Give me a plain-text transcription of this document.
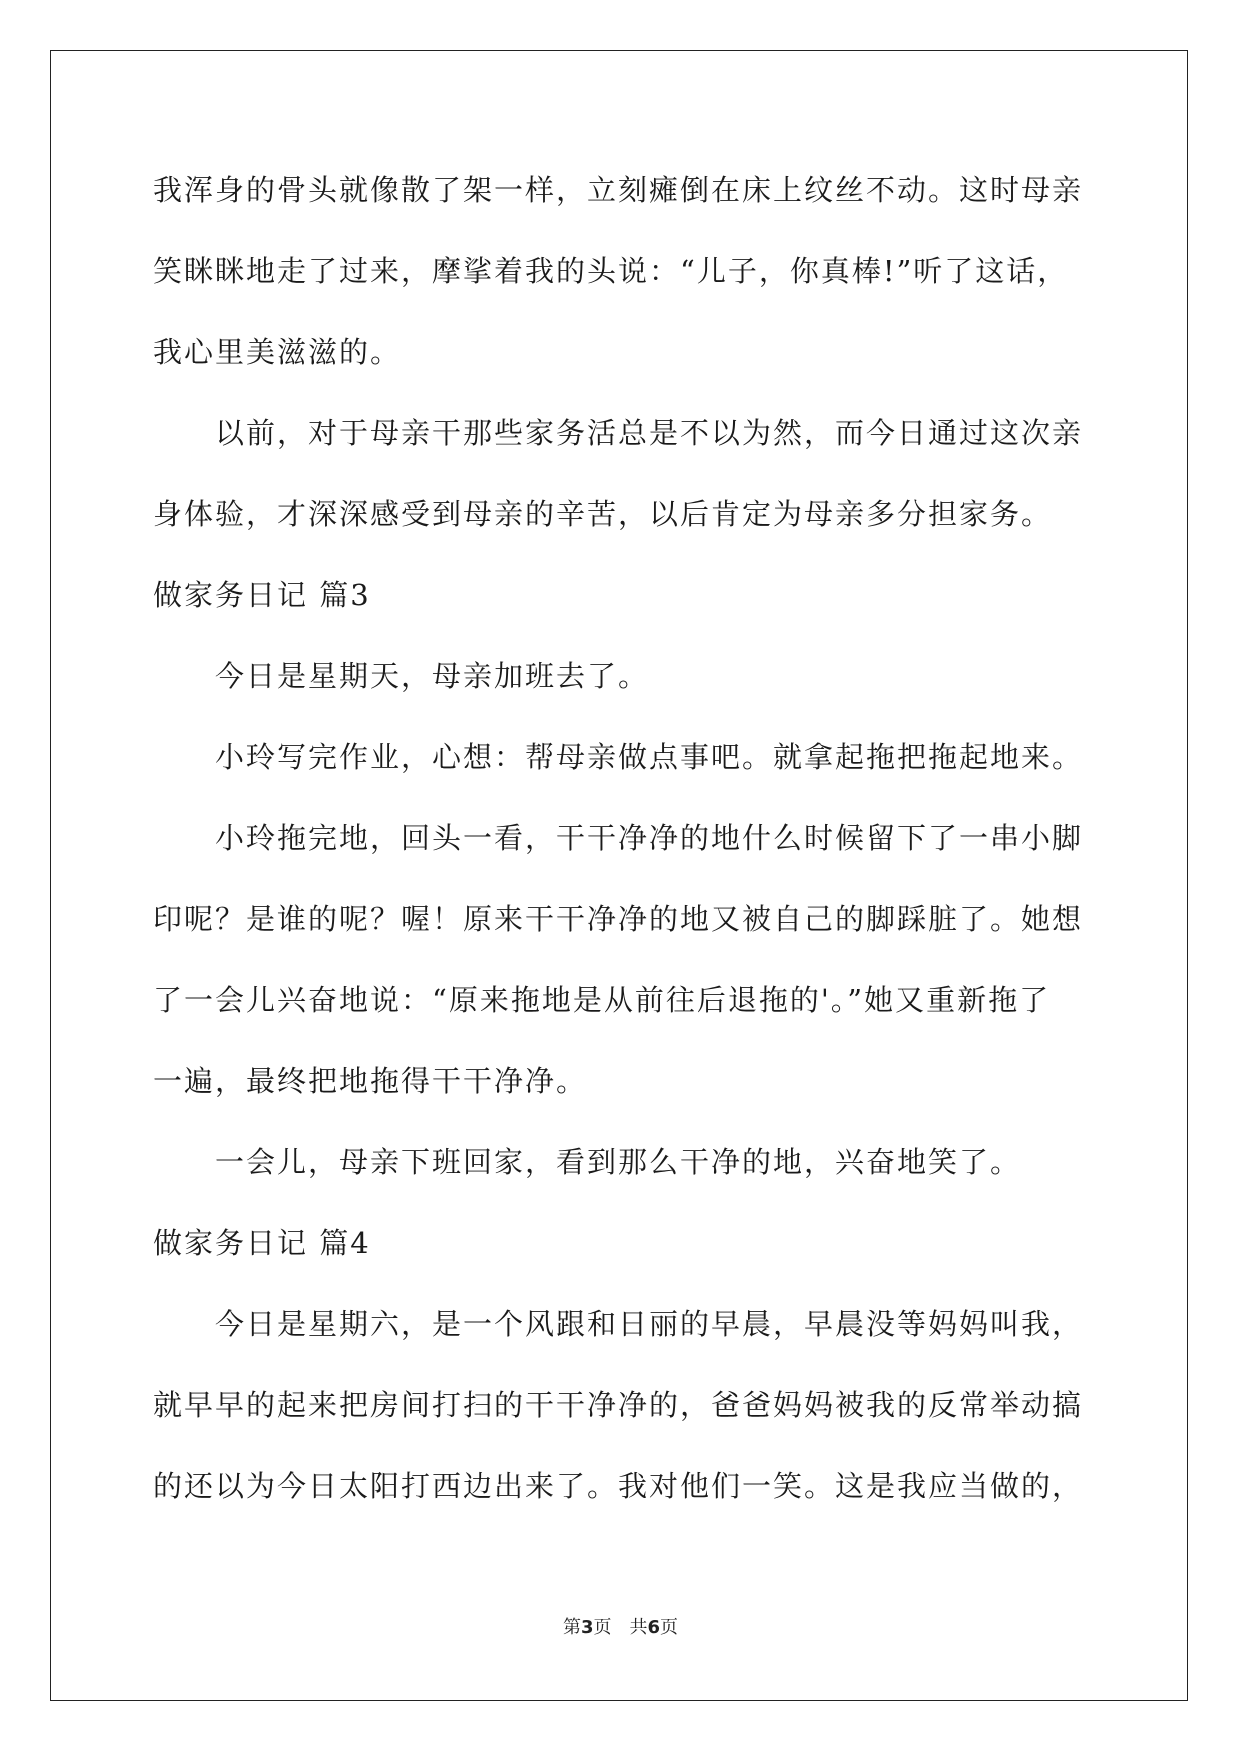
我浑身的骨头就像散了架一样，立刻瘫倒在床上纹丝不动。这时母亲

笑眯眯地走了过来，摩挲着我的头说：“儿子，你真棒!”听了这话，

我心里美滋滋的。

以前，对于母亲干那些家务活总是不以为然，而今日通过这次亲

身体验，才深深感受到母亲的辛苦，以后肯定为母亲多分担家务。

做家务日记 篇3

今日是星期天，母亲加班去了。

小玲写完作业，心想：帮母亲做点事吧。就拿起拖把拖起地来。

小玲拖完地，回头一看，干干净净的地什么时候留下了一串小脚

印呢？是谁的呢？喔！原来干干净净的地又被自己的脚踩脏了。她想

了一会儿兴奋地说：“原来拖地是从前往后退拖的'。”她又重新拖了

一遍，最终把地拖得干干净净。

一会儿，母亲下班回家，看到那么干净的地，兴奋地笑了。

做家务日记 篇4

今日是星期六，是一个风跟和日丽的早晨，早晨没等妈妈叫我，

就早早的起来把房间打扫的干干净净的，爸爸妈妈被我的反常举动搞

的还以为今日太阳打西边出来了。我对他们一笑。这是我应当做的，

第3页　共6页
